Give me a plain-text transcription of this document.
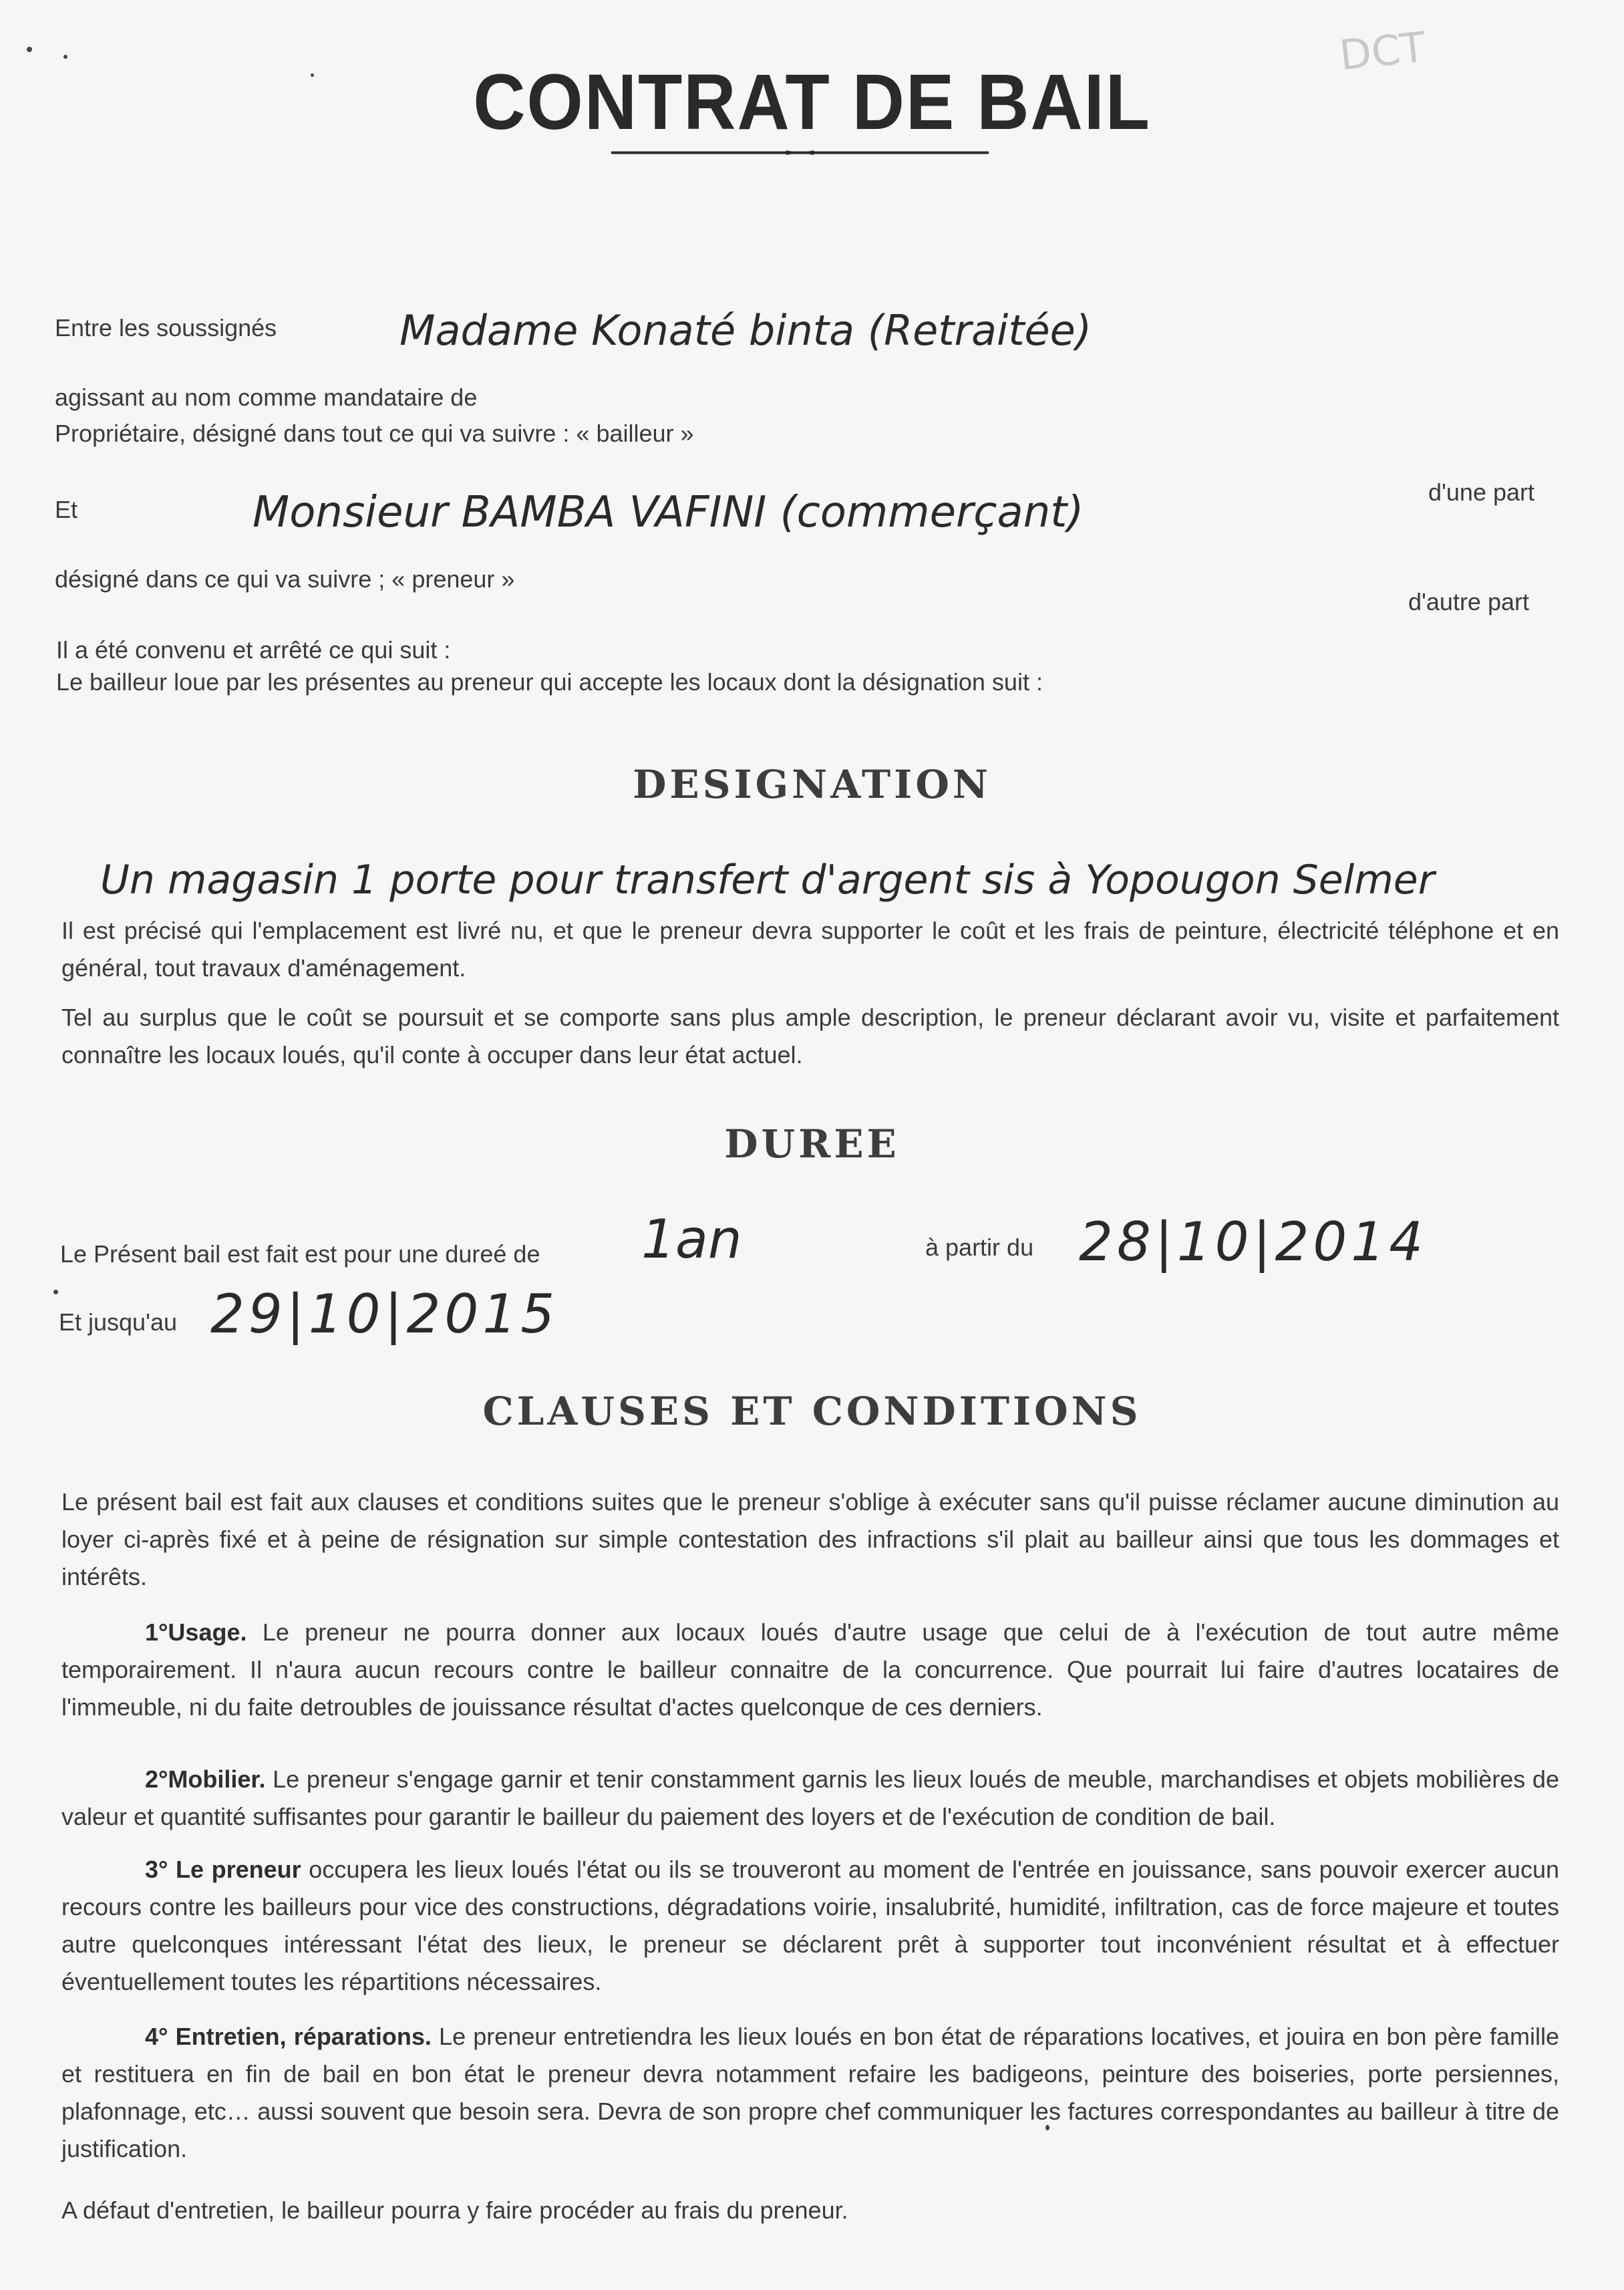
DCT
CONTRAT DE BAIL
Entre les soussignés	Madame Konaté binta (Retraitée)
agissant au nom comme mandataire de
Propriétaire, désigné dans tout ce qui va suivre : « bailleur »
Et	Monsieur BAMBA VAFINI (commerçant)	d'une part
désigné dans ce qui va suivre ; « preneur »
d'autre part
Il a été convenu et arrêté ce qui suit :
Le bailleur loue par les présentes au preneur qui accepte les locaux dont la désignation suit :
DESIGNATION
Un magasin 1 porte pour transfert d'argent sis à Yopougon Selmer
Il est précisé qui l'emplacement est livré nu, et que le preneur devra supporter le coût et les frais de peinture, électricité téléphone et en général, tout travaux d'aménagement.
Tel au surplus que le coût se poursuit et se comporte sans plus ample description, le preneur déclarant avoir vu, visite et parfaitement connaître les locaux loués, qu'il conte à occuper dans leur état actuel.
DUREE
Le Présent bail est fait est pour une dureé de 1an	à partir du 28|10|2014
Et jusqu'au 29|10|2015
CLAUSES ET CONDITIONS
Le présent bail est fait aux clauses et conditions suites que le preneur s'oblige à exécuter sans qu'il puisse réclamer aucune diminution au loyer ci-après fixé et à peine de résignation sur simple contestation des infractions s'il plait au bailleur ainsi que tous les dommages et intérêts.
1°Usage. Le preneur ne pourra donner aux locaux loués d'autre usage que celui de à l'exécution de tout autre même temporairement. Il n'aura aucun recours contre le bailleur connaitre de la concurrence. Que pourrait lui faire d'autres locataires de l'immeuble, ni du faite detroubles de jouissance résultat d'actes quelconque de ces derniers.
2°Mobilier. Le preneur s'engage garnir et tenir constamment garnis les lieux loués de meuble, marchandises et objets mobilières de valeur et quantité suffisantes pour garantir le bailleur du paiement des loyers et de l'exécution de condition de bail.
3° Le preneur occupera les lieux loués l'état ou ils se trouveront au moment de l'entrée en jouissance, sans pouvoir exercer aucun recours contre les bailleurs pour vice des constructions, dégradations voirie, insalubrité, humidité, infiltration, cas de force majeure et toutes autre quelconques intéressant l'état des lieux, le preneur se déclarent prêt à supporter tout inconvénient résultat et à effectuer éventuellement toutes les répartitions nécessaires.
4° Entretien, réparations. Le preneur entretiendra les lieux loués en bon état de réparations locatives, et jouira en bon père famille et restituera en fin de bail en bon état le preneur devra notamment refaire les badigeons, peinture des boiseries, porte persiennes, plafonnage, etc… aussi souvent que besoin sera. Devra de son propre chef communiquer les factures correspondantes au bailleur à titre de justification.
A défaut d'entretien, le bailleur pourra y faire procéder au frais du preneur.
